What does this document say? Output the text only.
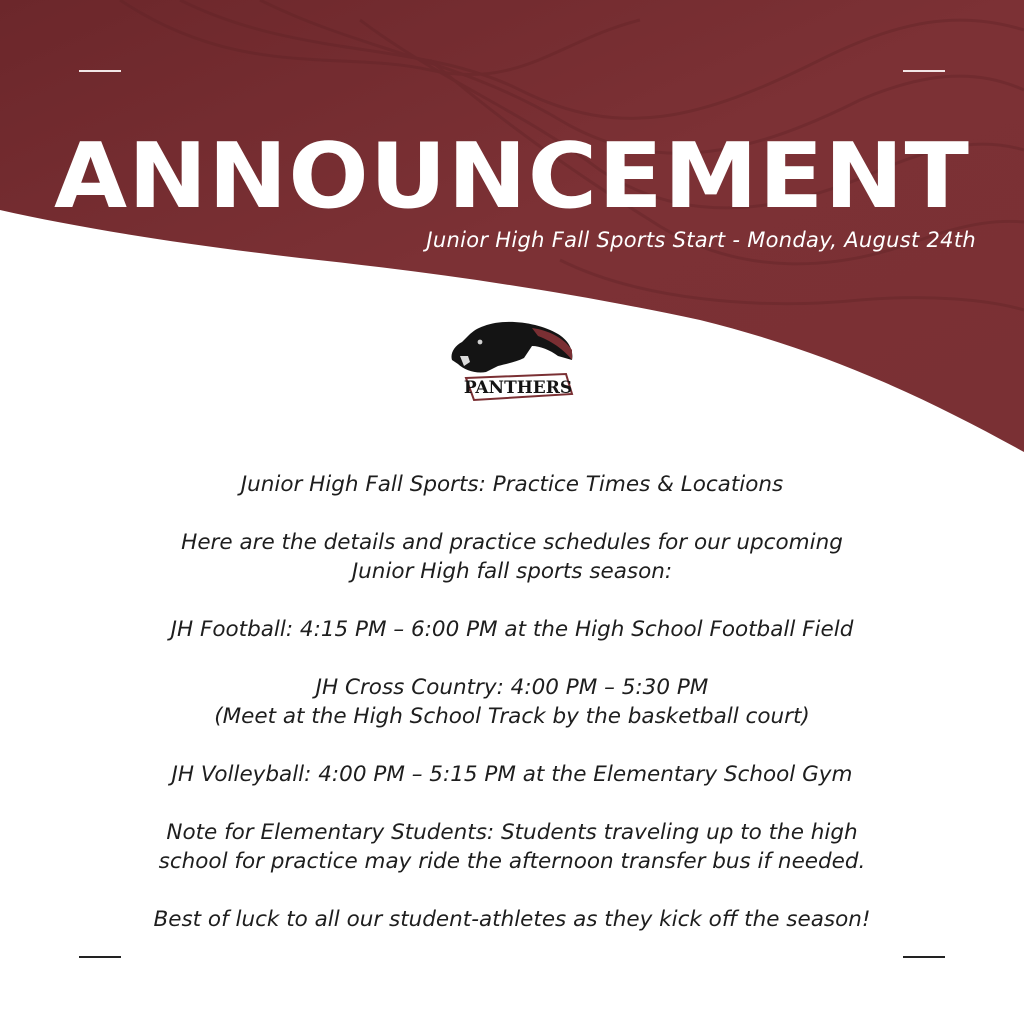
ANNOUNCEMENT
Junior High Fall Sports Start - Monday, August 24th
PANTHERS

Junior High Fall Sports: Practice Times & Locations

Here are the details and practice schedules for our upcoming
Junior High fall sports season:

JH Football: 4:15 PM – 6:00 PM at the High School Football Field

JH Cross Country: 4:00 PM – 5:30 PM
(Meet at the High School Track by the basketball court)

JH Volleyball: 4:00 PM – 5:15 PM at the Elementary School Gym

Note for Elementary Students: Students traveling up to the high
school for practice may ride the afternoon transfer bus if needed.

Best of luck to all our student-athletes as they kick off the season!
